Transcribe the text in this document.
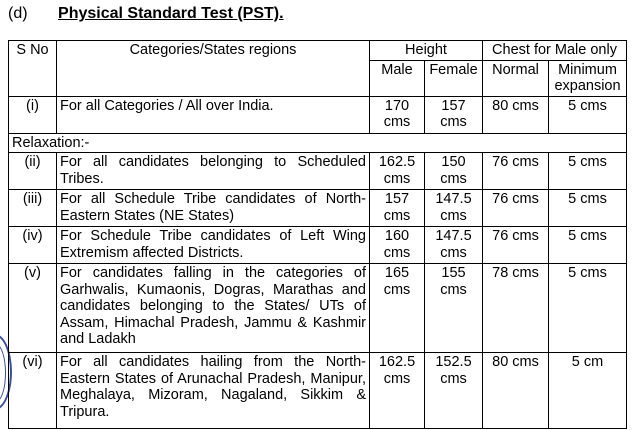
(d) Physical Standard Test (PST).
S No	Categories/States regions	Height		Chest for Male only	
		Male	Female	Normal	Minimum expansion
(i)	For all Categories / All over India.	170 cms	157 cms	80 cms	5 cms
Relaxation:-					
(ii)	For all candidates belonging to Scheduled Tribes.	162.5 cms	150 cms	76 cms	5 cms
(iii)	For all Schedule Tribe candidates of North-Eastern States (NE States)	157 cms	147.5 cms	76 cms	5 cms
(iv)	For Schedule Tribe candidates of Left Wing Extremism affected Districts.	160 cms	147.5 cms	76 cms	5 cms
(v)	For candidates falling in the categories of Garhwalis, Kumaonis, Dogras, Marathas and candidates belonging to the States/ UTs of Assam, Himachal Pradesh, Jammu & Kashmir and Ladakh	165 cms	155 cms	78 cms	5 cms
(vi)	For all candidates hailing from the North-Eastern States of Arunachal Pradesh, Manipur, Meghalaya, Mizoram, Nagaland, Sikkim & Tripura.	162.5 cms	152.5 cms	80 cms	5 cm
